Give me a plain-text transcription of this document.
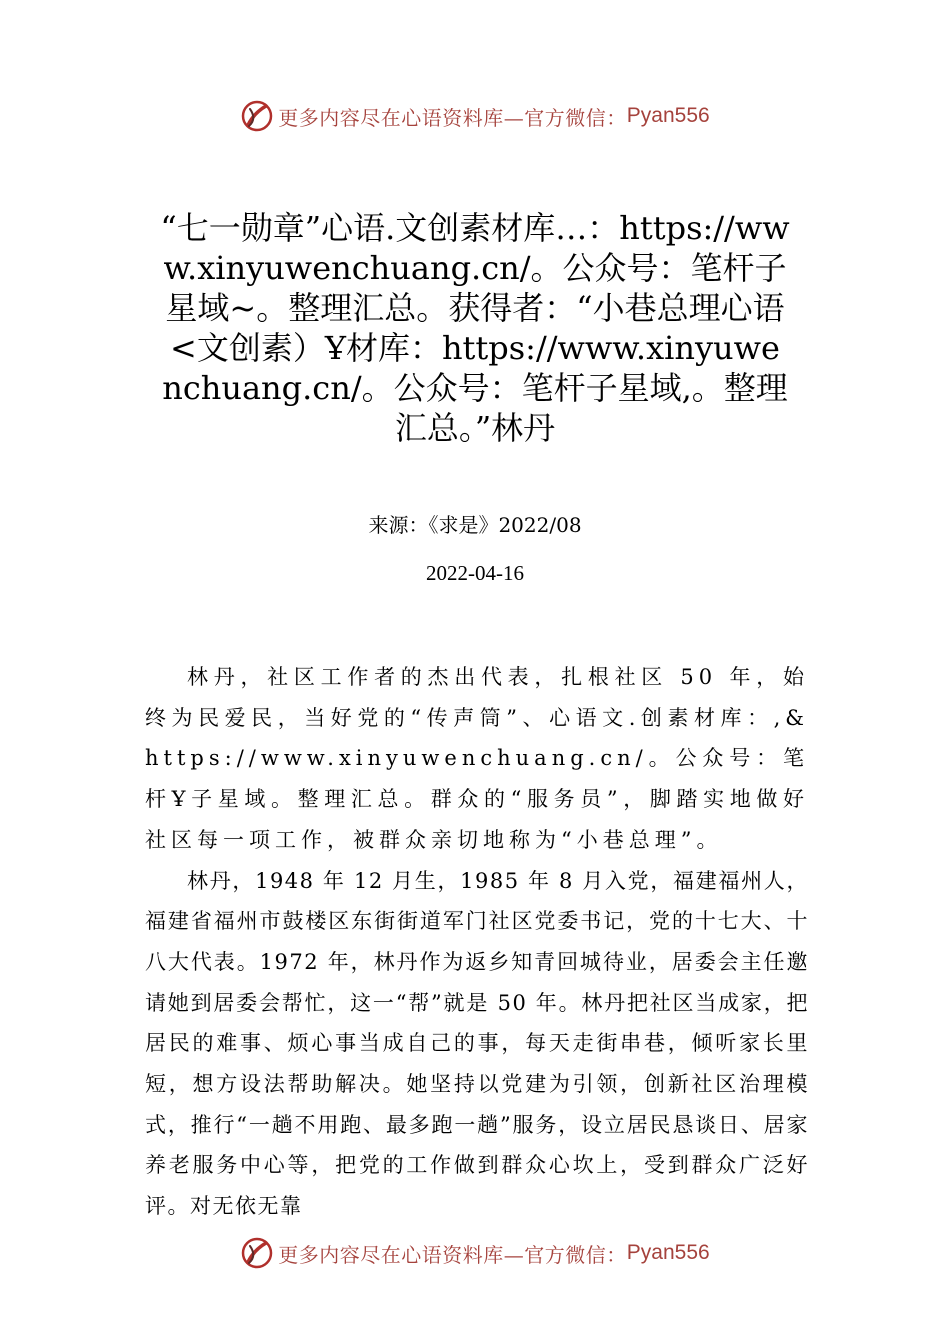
更多内容尽在心语资料库—官方微信： Pyan556
“七一勋章”心语.文创素材库…：https://www.xinyuwenchuang.cn/。公众号：笔杆子星域~。整理汇总。获得者：“小巷总理心语<文创素）Ұ材库：https://www.xinyuwenchuang.cn/。公众号：笔杆子星域,。整理汇总。”林丹
来源：《求是》2022/08
2022-04-16

林丹，社区工作者的杰出代表，扎根社区 50 年，始终为民爱民，当好党的“传声筒”、心语文.创素材库：,&https://www.xinyuwenchuang.cn/。公众号：笔杆Ұ子星域。整理汇总。群众的“服务员”，脚踏实地做好社区每一项工作，被群众亲切地称为“小巷总理”。

林丹，1948 年 12 月生，1985 年 8 月入党，福建福州人，福建省福州市鼓楼区东街街道军门社区党委书记，党的十七大、十八大代表。1972 年，林丹作为返乡知青回城待业，居委会主任邀请她到居委会帮忙，这一“帮”就是 50 年。林丹把社区当成家，把居民的难事、烦心事当成自己的事，每天走街串巷，倾听家长里短，想方设法帮助解决。她坚持以党建为引领，创新社区治理模式，推行“一趟不用跑、最多跑一趟”服务，设立居民恳谈日、居家养老服务中心等，把党的工作做到群众心坎上，受到群众广泛好评。对无依无靠

更多内容尽在心语资料库—官方微信： Pyan556
